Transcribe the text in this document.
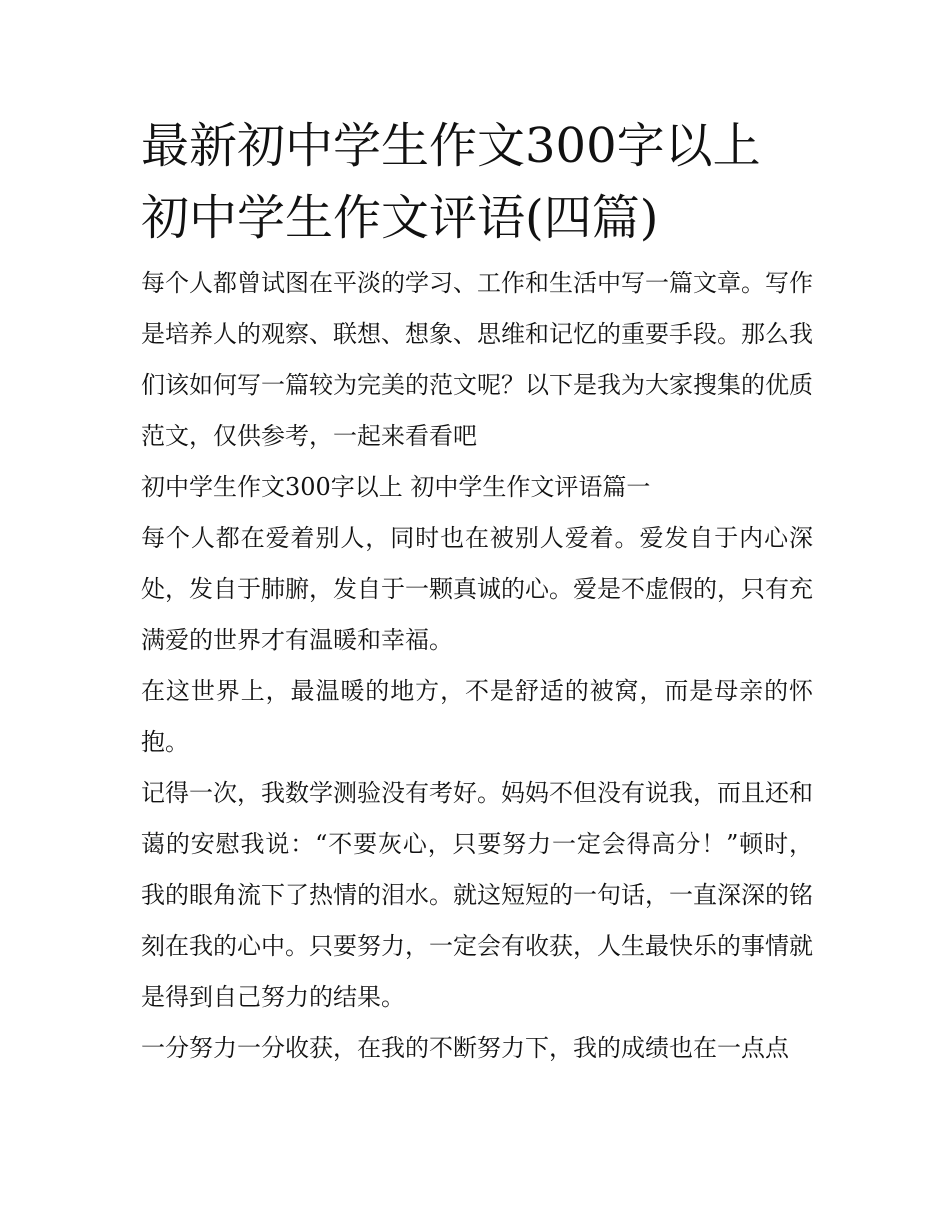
最新初中学生作文300字以上
初中学生作文评语(四篇)

每个人都曾试图在平淡的学习、工作和生活中写一篇文章。写作是培养人的观察、联想、想象、思维和记忆的重要手段。那么我们该如何写一篇较为完美的范文呢？以下是我为大家搜集的优质范文，仅供参考，一起来看看吧

初中学生作文300字以上 初中学生作文评语篇一

每个人都在爱着别人，同时也在被别人爱着。爱发自于内心深处，发自于肺腑，发自于一颗真诚的心。爱是不虚假的，只有充满爱的世界才有温暖和幸福。

在这世界上，最温暖的地方，不是舒适的被窝，而是母亲的怀抱。

记得一次，我数学测验没有考好。妈妈不但没有说我，而且还和蔼的安慰我说：“不要灰心，只要努力一定会得高分！”顿时，我的眼角流下了热情的泪水。就这短短的一句话，一直深深的铭刻在我的心中。只要努力，一定会有收获，人生最快乐的事情就是得到自己努力的结果。

一分努力一分收获，在我的不断努力下，我的成绩也在一点点
